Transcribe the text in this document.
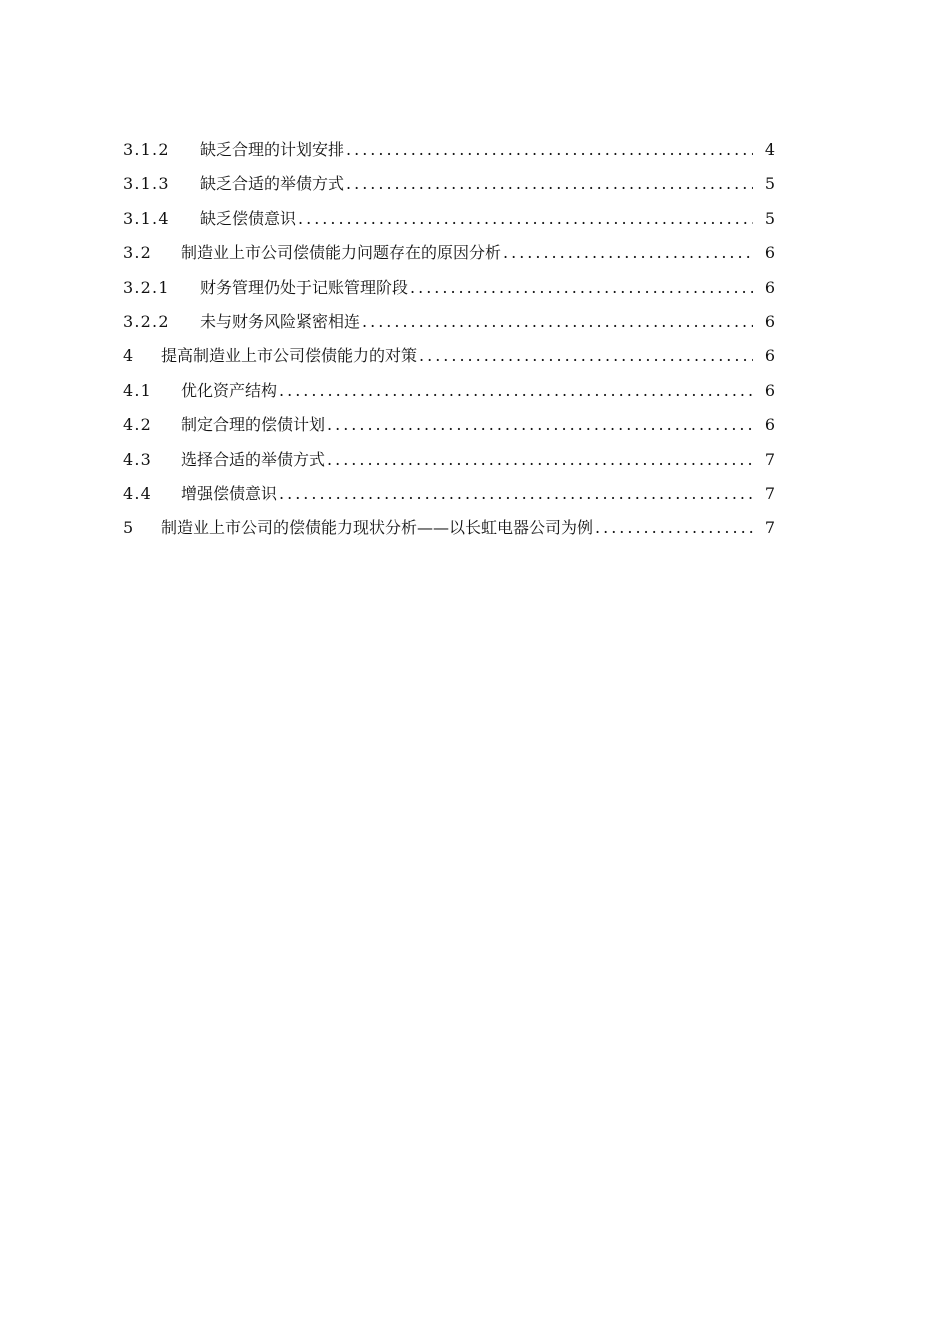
3.1.2	缺乏合理的计划安排 .....	4
3.1.3	缺乏合适的举债方式 .....	5
3.1.4	缺乏偿债意识 .....	5
3.2	制造业上市公司偿债能力问题存在的原因分析 .....	6
3.2.1	财务管理仍处于记账管理阶段 .....	6
3.2.2	未与财务风险紧密相连 .....	6
4	提高制造业上市公司偿债能力的对策 .....	6
4.1	优化资产结构 .....	6
4.2	制定合理的偿债计划 .....	6
4.3	选择合适的举债方式 .....	7
4.4	增强偿债意识 .....	7
5	制造业上市公司的偿债能力现状分析——以长虹电器公司为例 .....	7
